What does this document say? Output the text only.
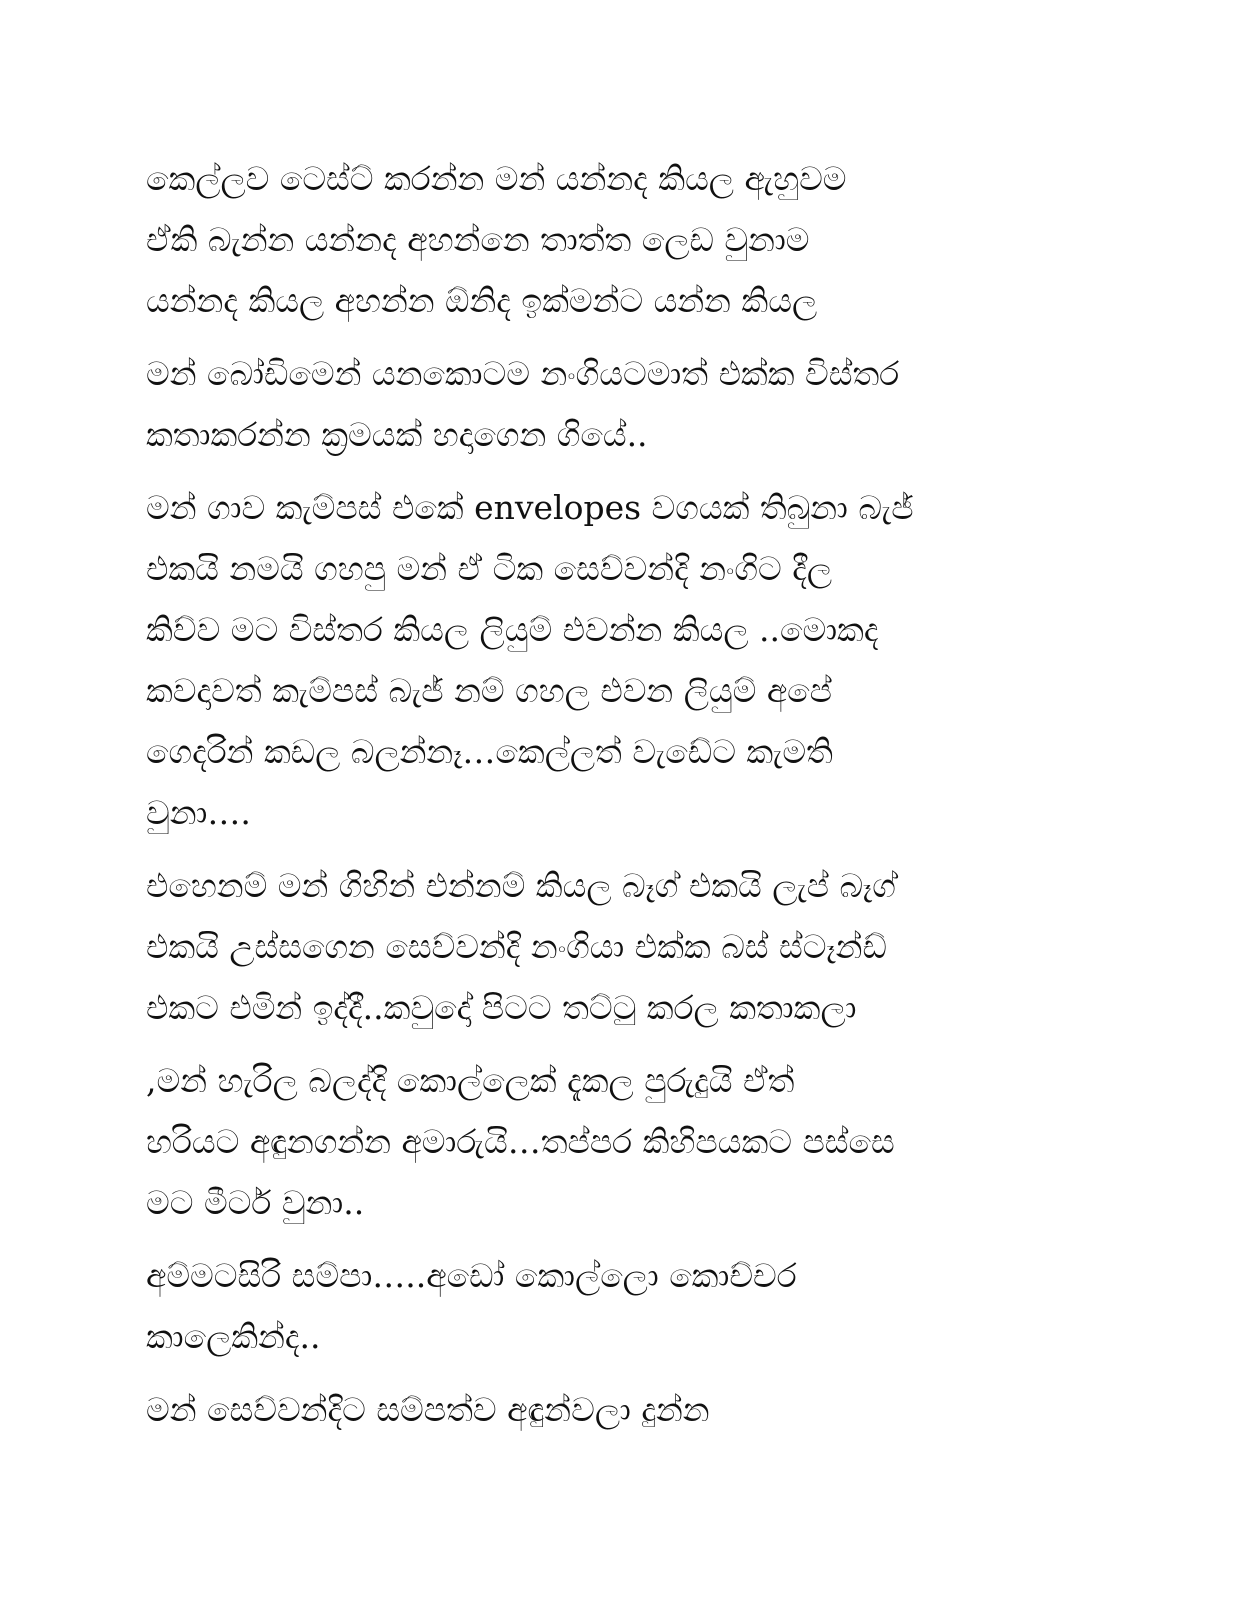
කෙල්ලව ටෙස්ට් කරන්න මන් යන්නද කියල ඇහුවම
ඒකි බැන්න යන්නද අහන්නෙ තාත්ත ලෙඩ වුනාම
යන්නද කියල අහන්න ඕනිද ඉක්මන්ට යන්න කියල
මන් බෝඩිමෙන් යනකොටම නංගියටමාත් එක්ක විස්තර
කතාකරන්න ක්‍රමයක් හදාගෙන ගියේ..
මන් ගාව කැම්පස් එකේ envelopes වගයක් තිබුනා බැජ්
එකයි නමයි ගහපු මන් ඒ ටික සෙව්වන්දි නංගිට දීල
කිව්ව මට විස්තර කියල ලියුම් එවන්න කියල ..මොකද
කවදාවත් කැම්පස් බැජ් නම් ගහල එවන ලියුම් අපේ
ගෙදරින් කඩල බලන්නෑ…කෙල්ලත් වැඩේට කැමති
වුනා….
එහෙනම් මන් ගිහින් එන්නම් කියල බෑග් එකයි ලැප් බෑග්
එකයි උස්සගෙන සෙව්වන්දි නංගියා එක්ක බස් ස්ටෑන්ඩ්
එකට එමින් ඉද්දී..කවුදෝ පිටට තට්ටු කරල කතාකලා
,මන් හැරිල බලද්දි කොල්ලෙක් දැකල පුරුදුයි ඒත්
හරියට අඳුනගන්න අමාරුයි…තප්පර කිහිපයකට පස්සෙ
මට මීටර් වුනා..
අම්මටසිරි සම්පා…..අඩෝ කොල්ලො කොච්චර
කාලෙකින්ද..
මන් සෙව්වන්දිට සම්පත්ව අඳුන්වලා දුන්න
